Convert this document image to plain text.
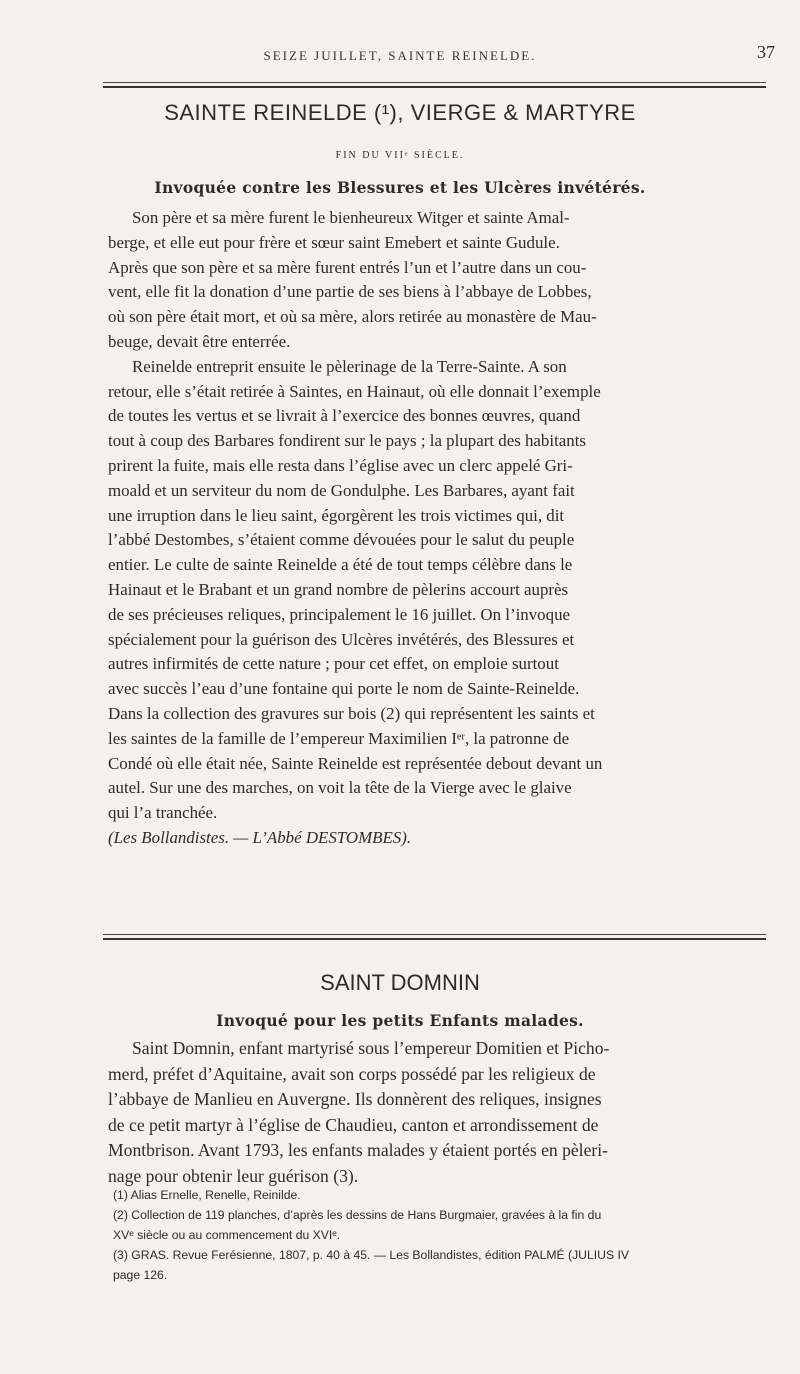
SEIZE JUILLET, SAINTE REINELDE.	37
SAINTE REINELDE (¹), VIERGE & MARTYRE
FIN DU VIIᵉ SIÈCLE.
Invoquée contre les Blessures et les Ulcères invétérés.
Son père et sa mère furent le bienheureux Witger et sainte Amal-
berge, et elle eut pour frère et sœur saint Emebert et sainte Gudule.
Après que son père et sa mère furent entrés l’un et l’autre dans un cou-
vent, elle fit la donation d’une partie de ses biens à l’abbaye de Lobbes,
où son père était mort, et où sa mère, alors retirée au monastère de Mau-
beuge, devait être enterrée.
Reinelde entreprit ensuite le pèlerinage de la Terre-Sainte. A son
retour, elle s’était retirée à Saintes, en Hainaut, où elle donnait l’exemple
de toutes les vertus et se livrait à l’exercice des bonnes œuvres, quand
tout à coup des Barbares fondirent sur le pays ; la plupart des habitants
prirent la fuite, mais elle resta dans l’église avec un clerc appelé Gri-
moald et un serviteur du nom de Gondulphe. Les Barbares, ayant fait
une irruption dans le lieu saint, égorgèrent les trois victimes qui, dit
l’abbé Destombes, s’étaient comme dévouées pour le salut du peuple
entier. Le culte de sainte Reinelde a été de tout temps célèbre dans le
Hainaut et le Brabant et un grand nombre de pèlerins accourt auprès
de ses précieuses reliques, principalement le 16 juillet. On l’invoque
spécialement pour la guérison des Ulcères invétérés, des Blessures et
autres infirmités de cette nature ; pour cet effet, on emploie surtout
avec succès l’eau d’une fontaine qui porte le nom de Sainte-Reinelde.
Dans la collection des gravures sur bois (2) qui représentent les saints et
les saintes de la famille de l’empereur Maximilien Iᵉʳ, la patronne de
Condé où elle était née, Sainte Reinelde est représentée debout devant un
autel. Sur une des marches, on voit la tête de la Vierge avec le glaive
qui l’a tranchée.
(Les Bollandistes. — L’Abbé DESTOMBES).
SAINT DOMNIN
Invoqué pour les petits Enfants malades.
Saint Domnin, enfant martyrisé sous l’empereur Domitien et Picho-
merd, préfet d’Aquitaine, avait son corps possédé par les religieux de
l’abbaye de Manlieu en Auvergne. Ils donnèrent des reliques, insignes
de ce petit martyr à l’église de Chaudieu, canton et arrondissement de
Montbrison. Avant 1793, les enfants malades y étaient portés en pèleri-
nage pour obtenir leur guérison (3).
(1) Alias Ernelle, Renelle, Reinilde.
(2) Collection de 119 planches, d’après les dessins de Hans Burgmaier, gravées à la fin du
XVᵉ siècle ou au commencement du XVIᵉ.
(3) GRAS. Revue Ferésienne, 1807, p. 40 à 45. — Les Bollandistes, édition PALMÉ (JULIUS IV
page 126.
